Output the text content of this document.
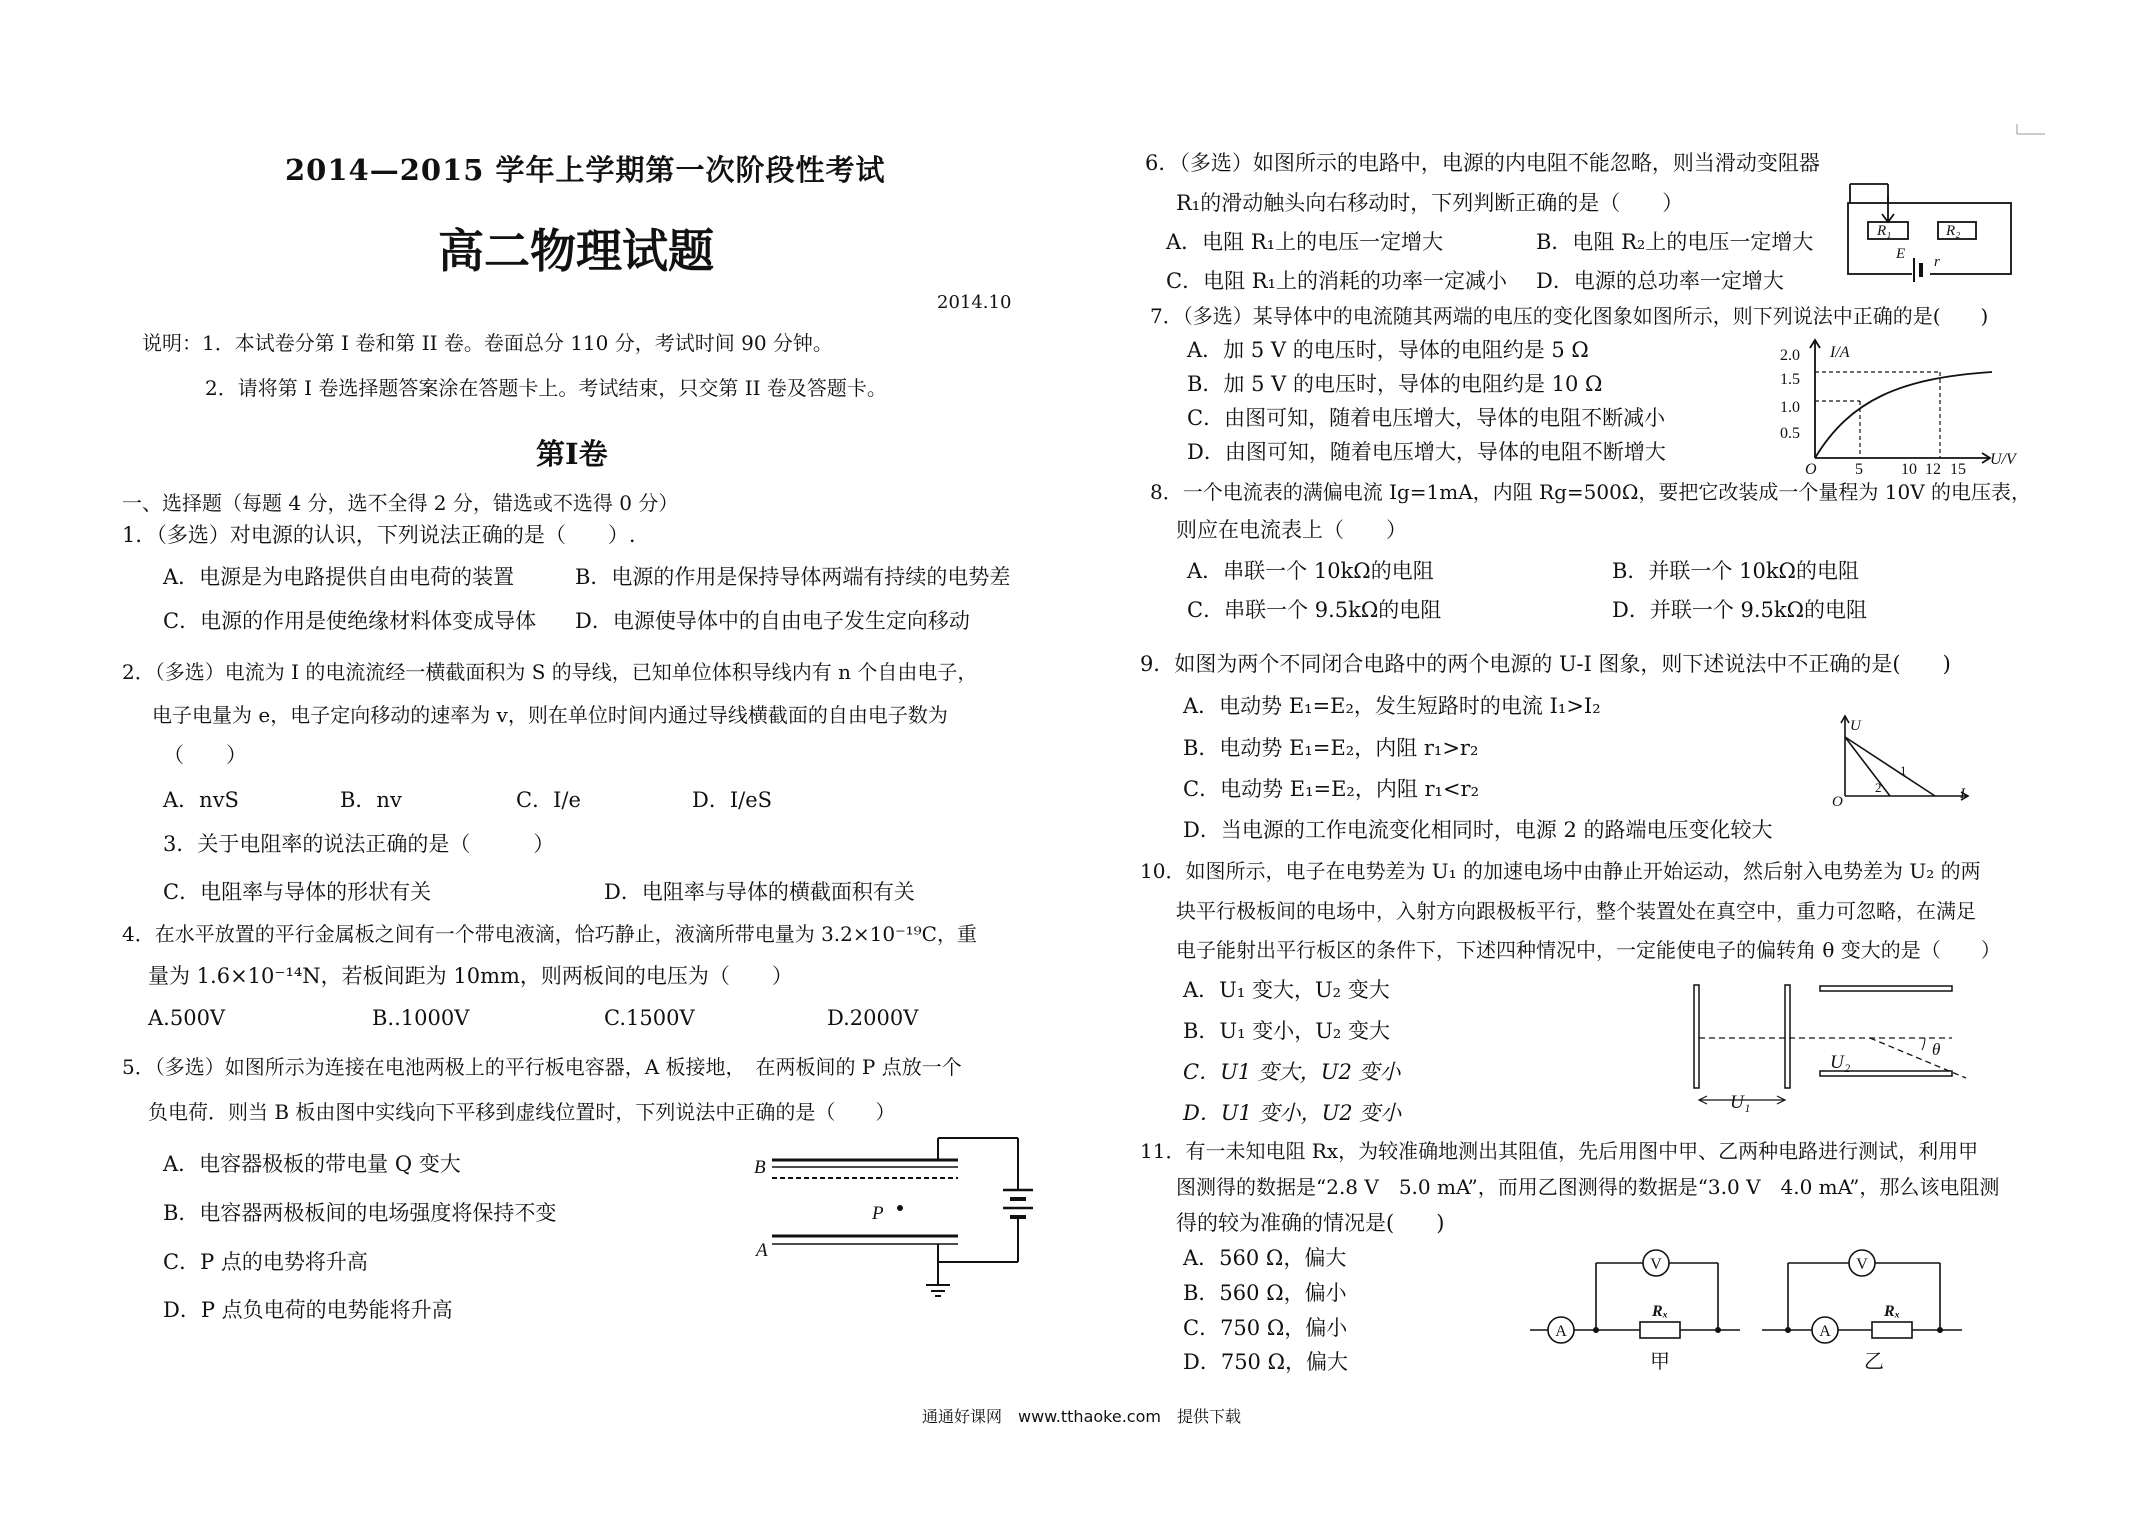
2014—2015 学年上学期第一次阶段性考试
高二物理试题
2014.10
说明：1．本试卷分第 I 卷和第 II 卷。卷面总分 110 分，考试时间 90 分钟。
2．请将第 I 卷选择题答案涂在答题卡上。考试结束，只交第 II 卷及答题卡。
第I卷
一、选择题（每题 4 分，选不全得 2 分，错选或不选得 0 分）
1．（多选）对电源的认识，下列说法正确的是（　　）.
A．电源是为电路提供自由电荷的装置	B．电源的作用是保持导体两端有持续的电势差
C．电源的作用是使绝缘材料体变成导体 D．电源使导体中的自由电子发生定向移动
2．（多选）电流为 I 的电流流经一横截面积为 S 的导线，已知单位体积导线内有 n 个自由电子，
电子电量为 e，电子定向移动的速率为 v，则在单位时间内通过导线横截面的自由电子数为
（　　）
A．nvS	B．nv	C．I/e	D．I/eS
3．关于电阻率的说法正确的是（　　　）
C．电阻率与导体的形状有关	D．电阻率与导体的横截面积有关
4．在水平放置的平行金属板之间有一个带电液滴，恰巧静止，液滴所带电量为 3.2×10⁻¹⁹C，重
量为 1.6×10⁻¹⁴N，若板间距为 10mm，则两板间的电压为（　　）
A.500V	B..1000V	C.1500V	D.2000V
5．（多选）如图所示为连接在电池两极上的平行板电容器，A 板接地，　在两板间的 P 点放一个
负电荷．则当 B 板由图中实线向下平移到虚线位置时，下列说法中正确的是（　　）
A．电容器极板的带电量 Q 变大
B．电容器两极板间的电场强度将保持不变
C．P 点的电势将升高
D．P 点负电荷的电势能将升高
B
P
A
6．（多选）如图所示的电路中，电源的内电阻不能忽略，则当滑动变阻器
R₁的滑动触头向右移动时，下列判断正确的是（　　）
A．电阻 R₁上的电压一定增大	B．电阻 R₂上的电压一定增大
C．电阻 R₁上的消耗的功率一定减小 D．电源的总功率一定增大
R₁	R₂
E r
7．（多选）某导体中的电流随其两端的电压的变化图象如图所示，则下列说法中正确的是(　　)
A．加 5 V 的电压时，导体的电阻约是 5 Ω
B．加 5 V 的电压时，导体的电阻约是 10 Ω
C．由图可知，随着电压增大，导体的电阻不断减小
D．由图可知，随着电压增大，导体的电阻不断增大
I/A
U/V
O
2.0
1.5
1.0
0.5
5 10 12 15
8．一个电流表的满偏电流 Ig=1mA，内阻 Rg=500Ω，要把它改装成一个量程为 10V 的电压表，
则应在电流表上（　　）
A．串联一个 10kΩ的电阻	B．并联一个 10kΩ的电阻
C．串联一个 9.5kΩ的电阻	D．并联一个 9.5kΩ的电阻
9．如图为两个不同闭合电路中的两个电源的 U-I 图象，则下述说法中不正确的是(　　)
A．电动势 E₁=E₂，发生短路时的电流 I₁>I₂
B．电动势 E₁=E₂，内阻 r₁>r₂
C．电动势 E₁=E₂，内阻 r₁<r₂
D．当电源的工作电流变化相同时，电源 2 的路端电压变化较大
U
I
O
1
2
10．如图所示，电子在电势差为 U₁ 的加速电场中由静止开始运动，然后射入电势差为 U₂ 的两
块平行极板间的电场中，入射方向跟极板平行，整个装置处在真空中，重力可忽略，在满足
电子能射出平行板区的条件下，下述四种情况中，一定能使电子的偏转角 θ 变大的是（　　）
A．U₁ 变大，U₂ 变大
B．U₁ 变小，U₂ 变大
C．U1 变大，U2 变小
D．U1 变小，U2 变小	U₁
U₂
θ
11．有一未知电阻 Rx，为较准确地测出其阻值，先后用图中甲、乙两种电路进行测试，利用甲
图测得的数据是“2.8 V　5.0 mA”，而用乙图测得的数据是“3.0 V　4.0 mA”，那么该电阻测
得的较为准确的情况是(　　)
A．560 Ω，偏大
B．560 Ω，偏小
C．750 Ω，偏小
D．750 Ω，偏大
A
V
A
V
Rₓ	Rₓ
甲	乙
通通好课网　www.tthaoke.com　提供下载
